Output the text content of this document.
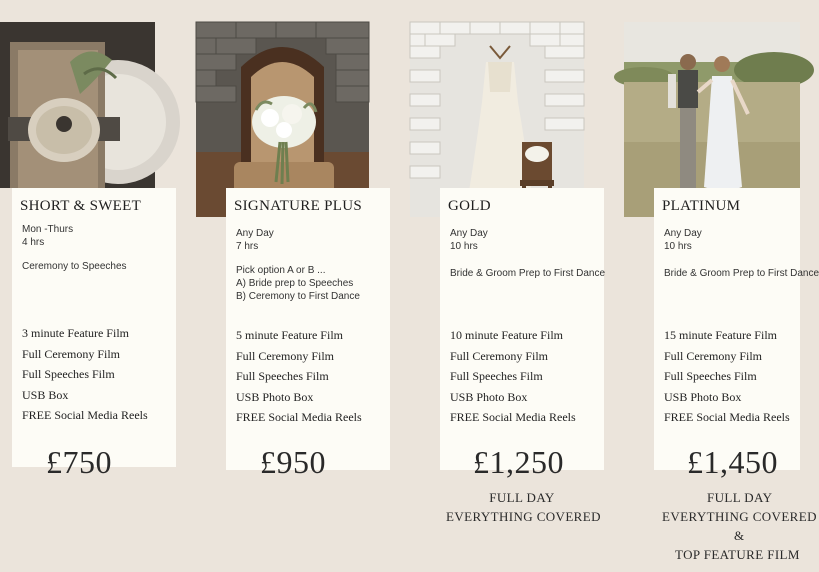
SHORT & SWEET
Mon -Thurs
4 hrs
Ceremony to Speeches
3 minute Feature Film
Full Ceremony Film
Full Speeches Film
USB Box
FREE Social Media Reels
£750
SIGNATURE PLUS
Any Day
7 hrs
Pick option A or B ...
A) Bride prep to Speeches
B) Ceremony to First Dance
5 minute Feature Film
Full Ceremony Film
Full Speeches Film
USB Photo Box
FREE Social Media Reels
£950
GOLD
Any Day
10 hrs
Bride & Groom Prep to First Dance
10 minute Feature Film
Full Ceremony Film
Full Speeches Film
USB Photo Box
FREE Social Media Reels
£1,250
FULL DAY
EVERYTHING COVERED
PLATINUM
Any Day
10 hrs
Bride & Groom Prep to First Dance
15 minute Feature Film
Full Ceremony Film
Full Speeches Film
USB Photo Box
FREE Social Media Reels
£1,450
FULL DAY
EVERYTHING COVERED
&
TOP FEATURE FILM
